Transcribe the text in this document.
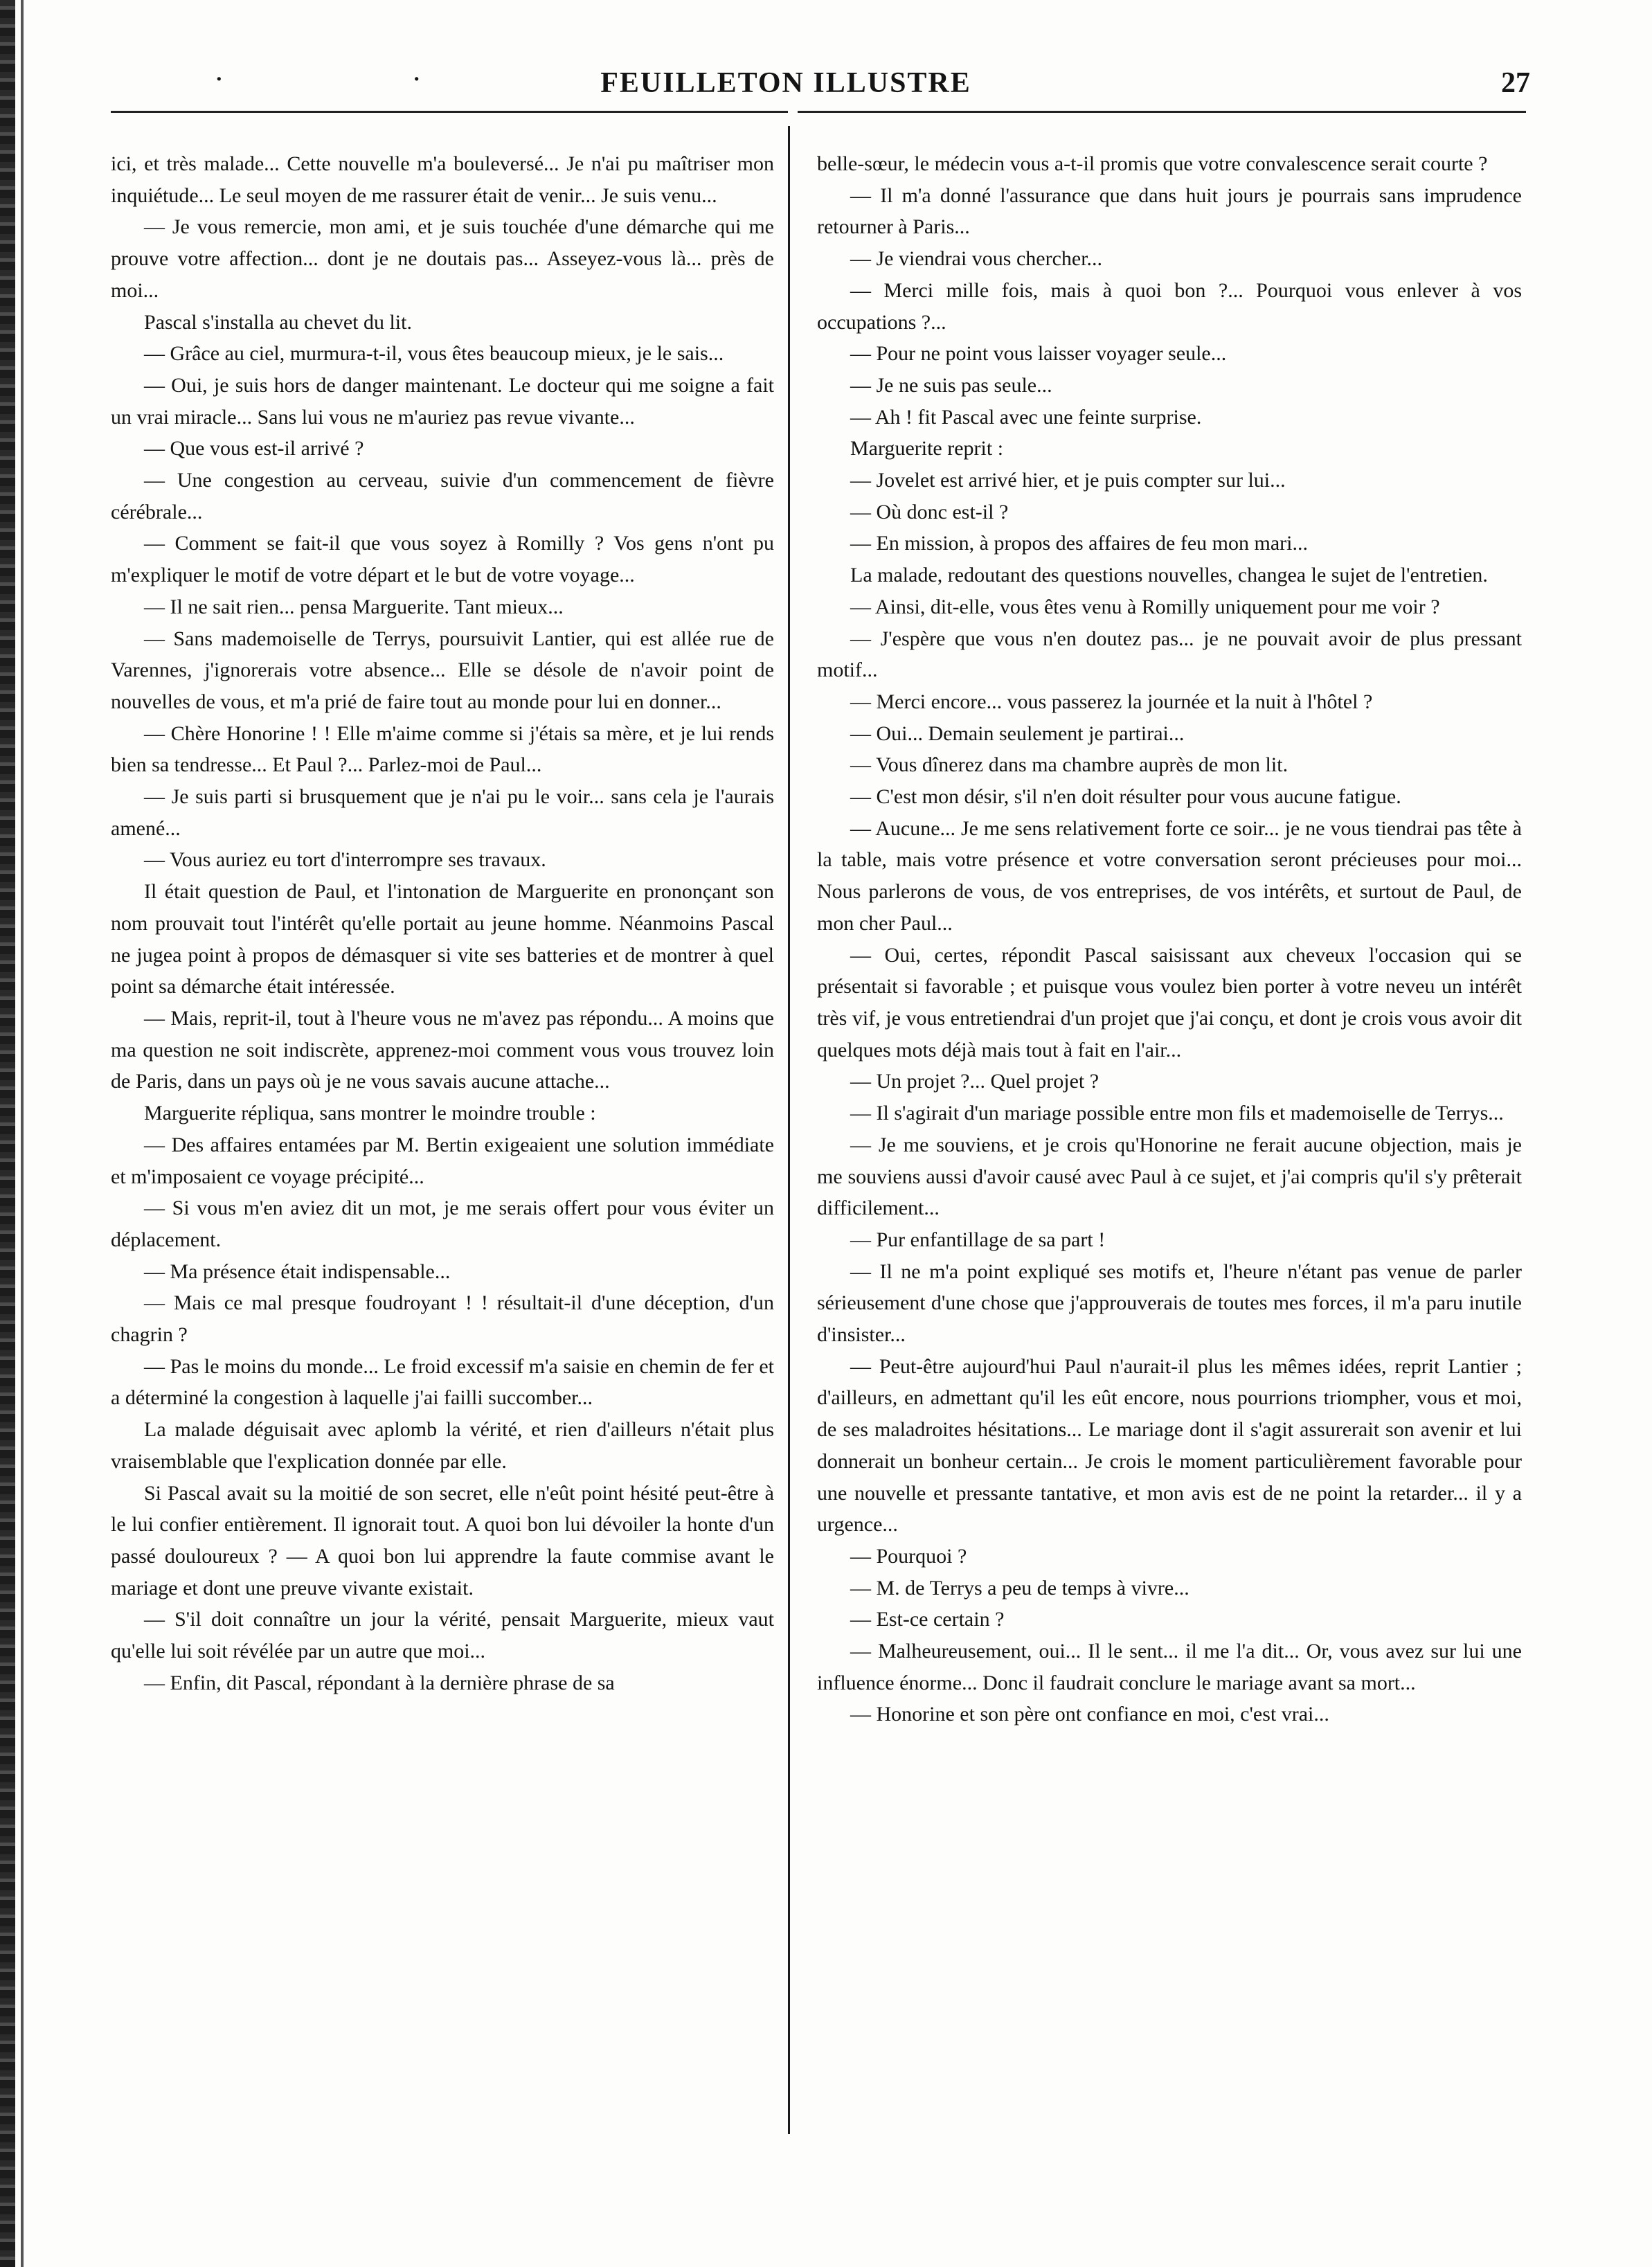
· ·	FEUILLETON ILLUSTRE	27

ici, et très malade... Cette nouvelle m'a bouleversé... Je n'ai pu maîtriser mon inquiétude... Le seul moyen de me rassurer était de venir... Je suis venu...

— Je vous remercie, mon ami, et je suis touchée d'une démarche qui me prouve votre affection... dont je ne doutais pas... Asseyez-vous là... près de moi...

Pascal s'installa au chevet du lit.

— Grâce au ciel, murmura-t-il, vous êtes beaucoup mieux, je le sais...

— Oui, je suis hors de danger maintenant. Le docteur qui me soigne a fait un vrai miracle... Sans lui vous ne m'auriez pas revue vivante...

— Que vous est-il arrivé ?

— Une congestion au cerveau, suivie d'un commencement de fièvre cérébrale...

— Comment se fait-il que vous soyez à Romilly ? Vos gens n'ont pu m'expliquer le motif de votre départ et le but de votre voyage...

— Il ne sait rien... pensa Marguerite. Tant mieux...

— Sans mademoiselle de Terrys, poursuivit Lantier, qui est allée rue de Varennes, j'ignorerais votre absence... Elle se désole de n'avoir point de nouvelles de vous, et m'a prié de faire tout au monde pour lui en donner...

— Chère Honorine ! ! Elle m'aime comme si j'étais sa mère, et je lui rends bien sa tendresse... Et Paul ?... Parlez-moi de Paul...

— Je suis parti si brusquement que je n'ai pu le voir... sans cela je l'aurais amené...

— Vous auriez eu tort d'interrompre ses travaux.

Il était question de Paul, et l'intonation de Marguerite en prononçant son nom prouvait tout l'intérêt qu'elle portait au jeune homme. Néanmoins Pascal ne jugea point à propos de démasquer si vite ses batteries et de montrer à quel point sa démarche était intéressée.

— Mais, reprit-il, tout à l'heure vous ne m'avez pas répondu... A moins que ma question ne soit indiscrète, apprenez-moi comment vous vous trouvez loin de Paris, dans un pays où je ne vous savais aucune attache...

Marguerite répliqua, sans montrer le moindre trouble :

— Des affaires entamées par M. Bertin exigeaient une solution immédiate et m'imposaient ce voyage précipité...

— Si vous m'en aviez dit un mot, je me serais offert pour vous éviter un déplacement.

— Ma présence était indispensable...

— Mais ce mal presque foudroyant ! ! résultait-il d'une déception, d'un chagrin ?

— Pas le moins du monde... Le froid excessif m'a saisie en chemin de fer et a déterminé la congestion à laquelle j'ai failli succomber...

La malade déguisait avec aplomb la vérité, et rien d'ailleurs n'était plus vraisemblable que l'explication donnée par elle.

Si Pascal avait su la moitié de son secret, elle n'eût point hésité peut-être à le lui confier entièrement. Il ignorait tout. A quoi bon lui dévoiler la honte d'un passé douloureux ? — A quoi bon lui apprendre la faute commise avant le mariage et dont une preuve vivante existait.

— S'il doit connaître un jour la vérité, pensait Marguerite, mieux vaut qu'elle lui soit révélée par un autre que moi...

— Enfin, dit Pascal, répondant à la dernière phrase de sa

belle-sœur, le médecin vous a-t-il promis que votre convalescence serait courte ?

— Il m'a donné l'assurance que dans huit jours je pourrais sans imprudence retourner à Paris...

— Je viendrai vous chercher...

— Merci mille fois, mais à quoi bon ?... Pourquoi vous enlever à vos occupations ?...

— Pour ne point vous laisser voyager seule...

— Je ne suis pas seule...

— Ah ! fit Pascal avec une feinte surprise.

Marguerite reprit :

— Jovelet est arrivé hier, et je puis compter sur lui...

— Où donc est-il ?

— En mission, à propos des affaires de feu mon mari...

La malade, redoutant des questions nouvelles, changea le sujet de l'entretien.

— Ainsi, dit-elle, vous êtes venu à Romilly uniquement pour me voir ?

— J'espère que vous n'en doutez pas... je ne pouvait avoir de plus pressant motif...

— Merci encore... vous passerez la journée et la nuit à l'hôtel ?

— Oui... Demain seulement je partirai...

— Vous dînerez dans ma chambre auprès de mon lit.

— C'est mon désir, s'il n'en doit résulter pour vous aucune fatigue.

— Aucune... Je me sens relativement forte ce soir... je ne vous tiendrai pas tête à la table, mais votre présence et votre conversation seront précieuses pour moi... Nous parlerons de vous, de vos entreprises, de vos intérêts, et surtout de Paul, de mon cher Paul...

— Oui, certes, répondit Pascal saisissant aux cheveux l'occasion qui se présentait si favorable ; et puisque vous voulez bien porter à votre neveu un intérêt très vif, je vous entretiendrai d'un projet que j'ai conçu, et dont je crois vous avoir dit quelques mots déjà mais tout à fait en l'air...

— Un projet ?... Quel projet ?

— Il s'agirait d'un mariage possible entre mon fils et mademoiselle de Terrys...

— Je me souviens, et je crois qu'Honorine ne ferait aucune objection, mais je me souviens aussi d'avoir causé avec Paul à ce sujet, et j'ai compris qu'il s'y prêterait difficilement...

— Pur enfantillage de sa part !

— Il ne m'a point expliqué ses motifs et, l'heure n'étant pas venue de parler sérieusement d'une chose que j'approuverais de toutes mes forces, il m'a paru inutile d'insister...

— Peut-être aujourd'hui Paul n'aurait-il plus les mêmes idées, reprit Lantier ; d'ailleurs, en admettant qu'il les eût encore, nous pourrions triompher, vous et moi, de ses maladroites hésitations... Le mariage dont il s'agit assurerait son avenir et lui donnerait un bonheur certain... Je crois le moment particulièrement favorable pour une nouvelle et pressante tantative, et mon avis est de ne point la retarder... il y a urgence...

— Pourquoi ?

— M. de Terrys a peu de temps à vivre...

— Est-ce certain ?

— Malheureusement, oui... Il le sent... il me l'a dit... Or, vous avez sur lui une influence énorme... Donc il faudrait conclure le mariage avant sa mort...

— Honorine et son père ont confiance en moi, c'est vrai...
